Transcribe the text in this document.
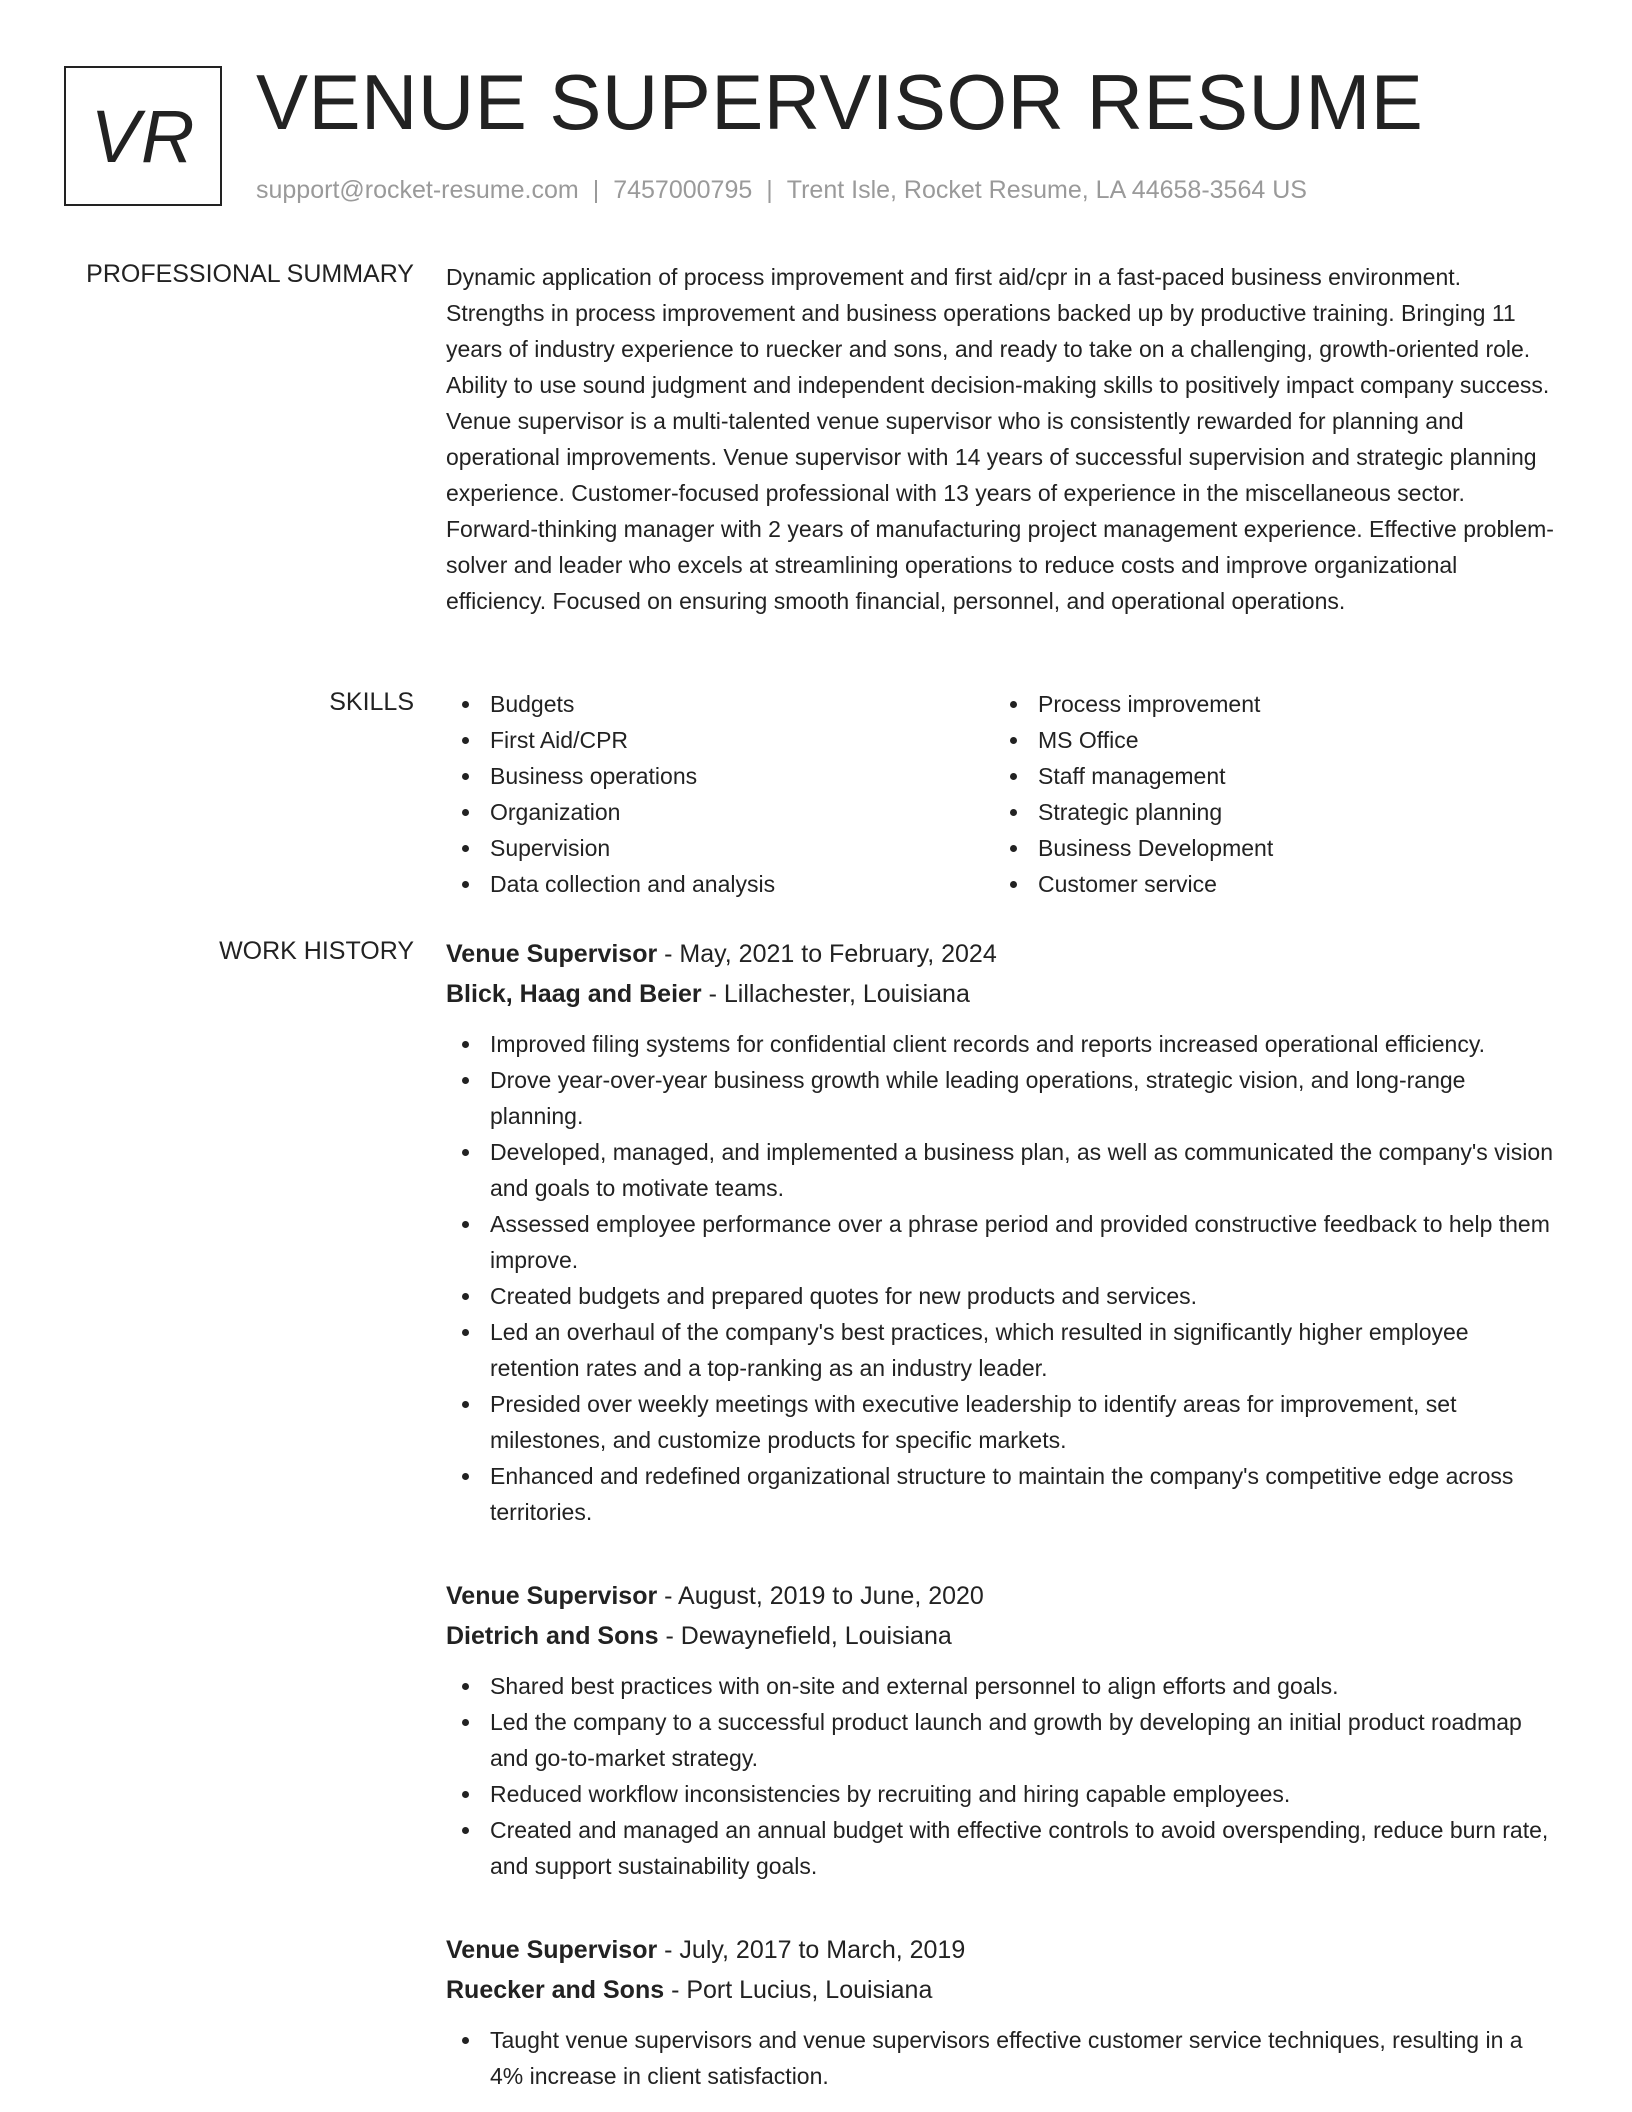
VR VENUE SUPERVISOR RESUME
support@rocket-resume.com | 7457000795 | Trent Isle, Rocket Resume, LA 44658-3564 US
PROFESSIONAL SUMMARY Dynamic application of process improvement and first aid/cpr in a fast-paced business environment. Strengths in process improvement and business operations backed up by productive training. Bringing 11 years of industry experience to ruecker and sons, and ready to take on a challenging, growth-oriented role. Ability to use sound judgment and independent decision-making skills to positively impact company success. Venue supervisor is a multi-talented venue supervisor who is consistently rewarded for planning and operational improvements. Venue supervisor with 14 years of successful supervision and strategic planning experience. Customer-focused professional with 13 years of experience in the miscellaneous sector. Forward-thinking manager with 2 years of manufacturing project management experience. Effective problem-solver and leader who excels at streamlining operations to reduce costs and improve organizational efficiency. Focused on ensuring smooth financial, personnel, and operational operations.

SKILLS	Budgets
First Aid/CPR
Business operations
Organization
Supervision
Data collection and analysis
Process improvement
MS Office
Staff management
Strategic planning
Business Development
Customer service
WORK HISTORY Venue Supervisor - May, 2021 to February, 2024
Blick, Haag and Beier - Lillachester, Louisiana
Improved filing systems for confidential client records and reports increased operational efficiency.
Drove year-over-year business growth while leading operations, strategic vision, and long-range planning.
Developed, managed, and implemented a business plan, as well as communicated the company's vision and goals to motivate teams.
Assessed employee performance over a phrase period and provided constructive feedback to help them improve.
Created budgets and prepared quotes for new products and services.
Led an overhaul of the company's best practices, which resulted in significantly higher employee retention rates and a top-ranking as an industry leader.
Presided over weekly meetings with executive leadership to identify areas for improvement, set milestones, and customize products for specific markets.
Enhanced and redefined organizational structure to maintain the company's competitive edge across territories.
Venue Supervisor - August, 2019 to June, 2020
Dietrich and Sons - Dewaynefield, Louisiana
Shared best practices with on-site and external personnel to align efforts and goals.
Led the company to a successful product launch and growth by developing an initial product roadmap and go-to-market strategy.
Reduced workflow inconsistencies by recruiting and hiring capable employees.
Created and managed an annual budget with effective controls to avoid overspending, reduce burn rate, and support sustainability goals.
Venue Supervisor - July, 2017 to March, 2019
Ruecker and Sons - Port Lucius, Louisiana
Taught venue supervisors and venue supervisors effective customer service techniques, resulting in a 4% increase in client satisfaction.
